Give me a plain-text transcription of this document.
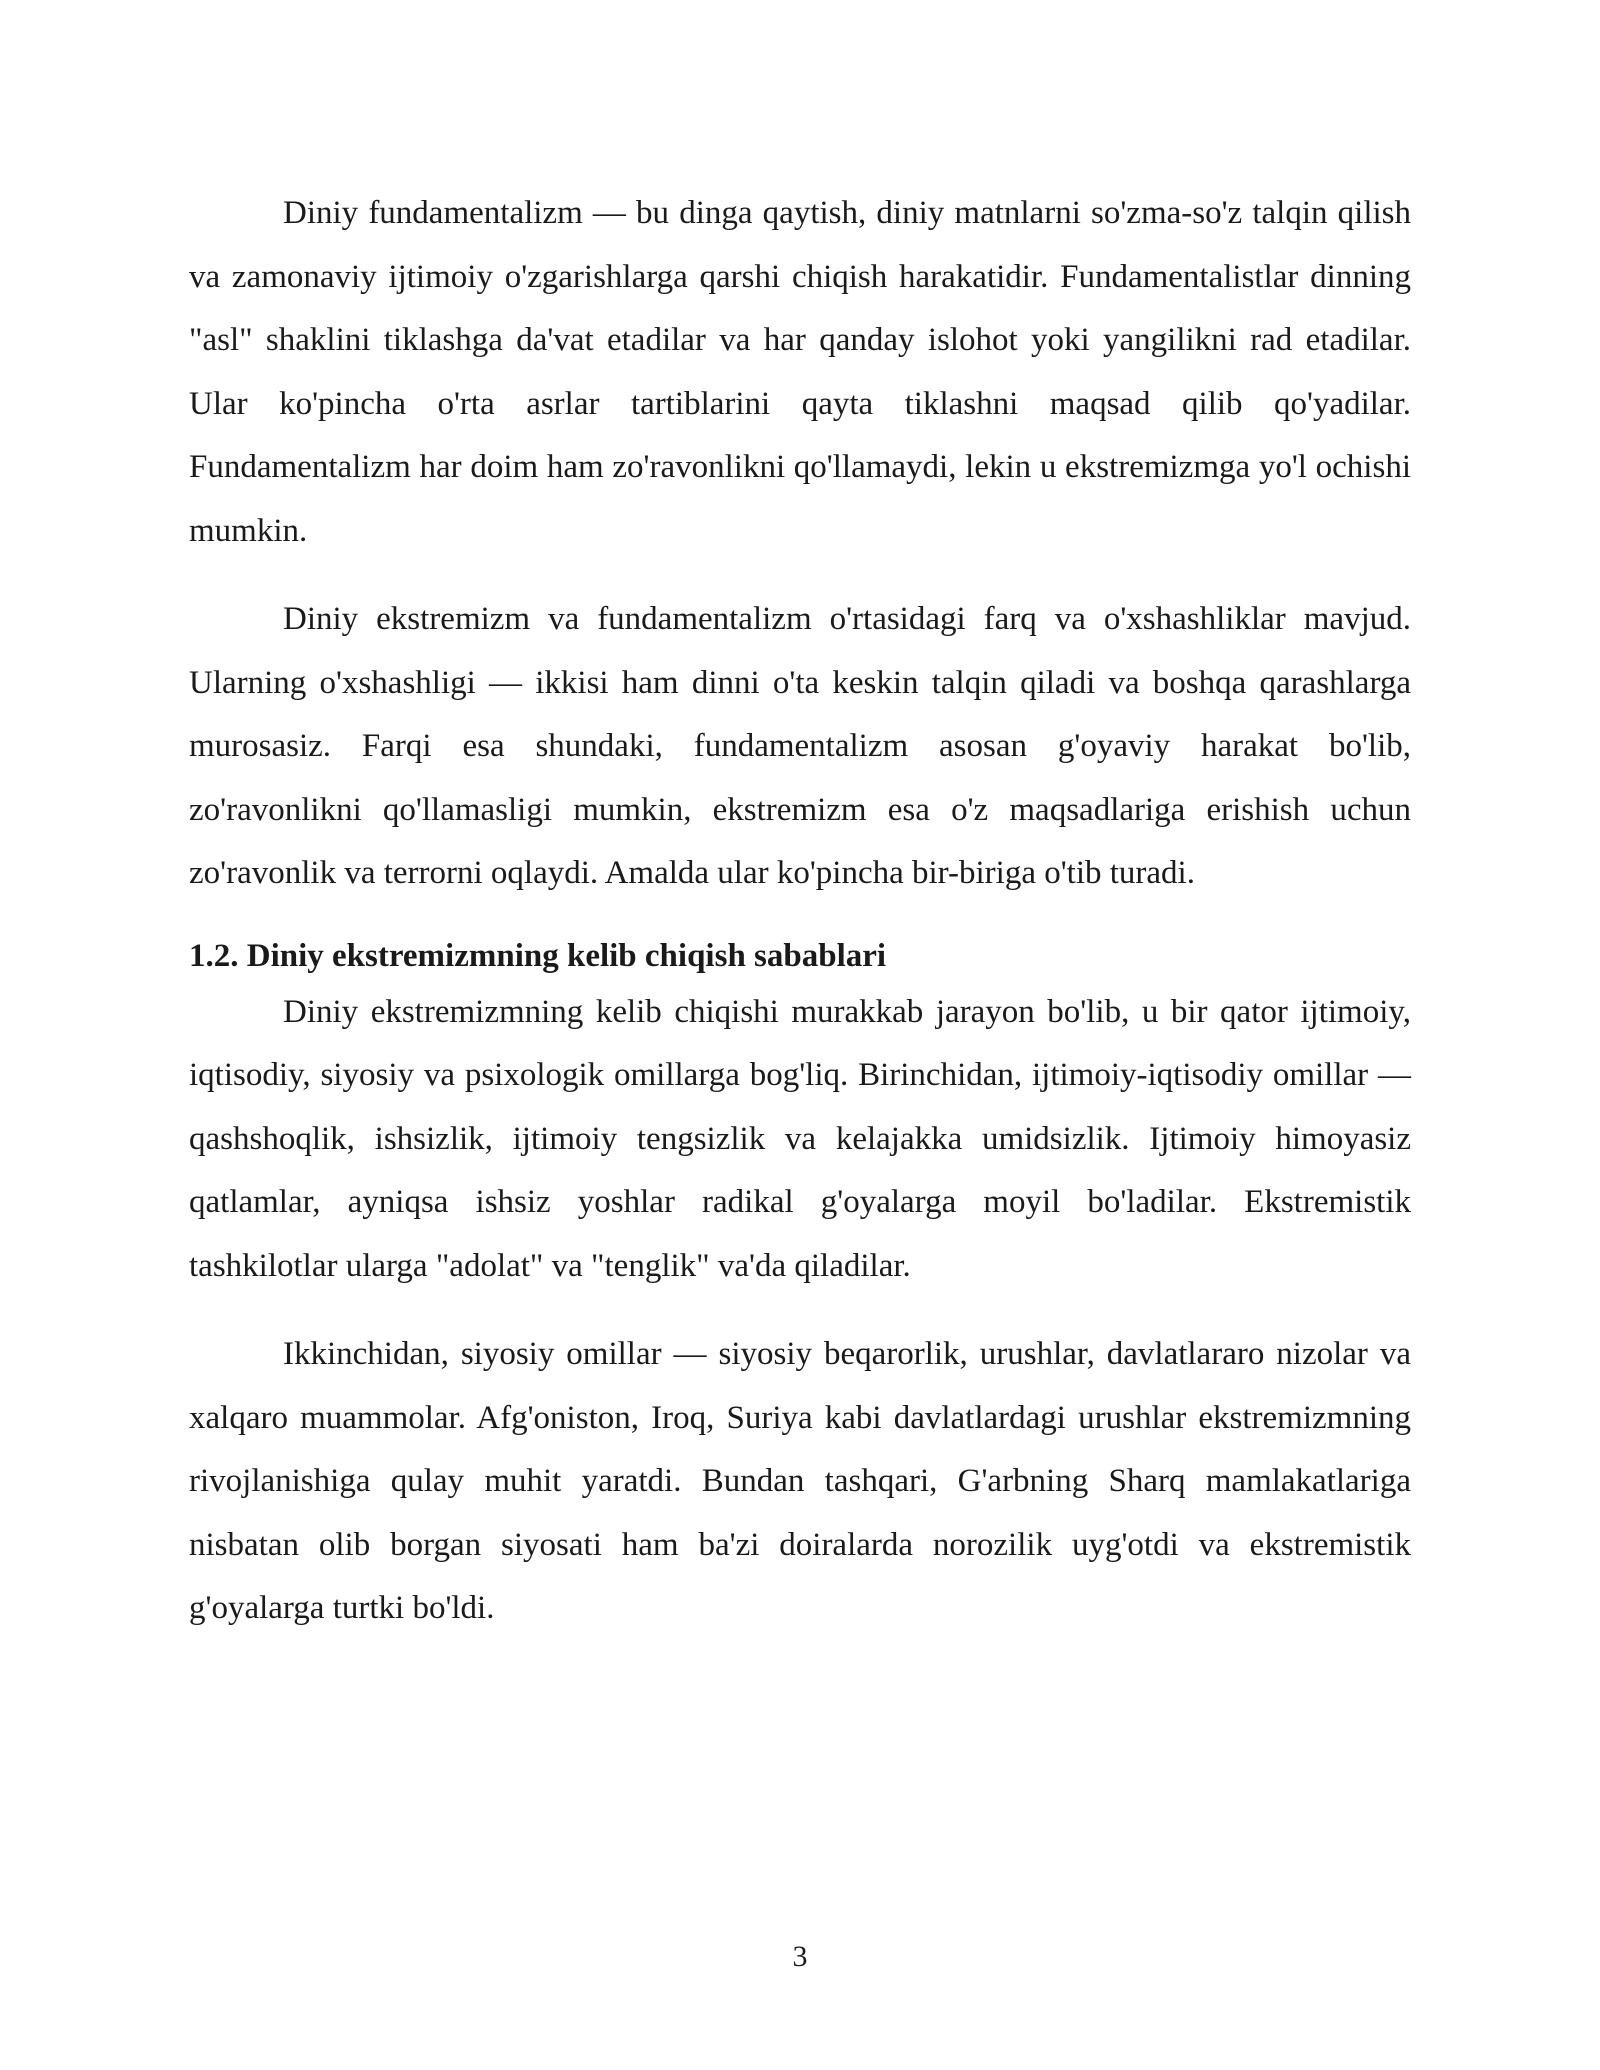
Diniy fundamentalizm — bu dinga qaytish, diniy matnlarni so'zma-so'z talqin qilish va zamonaviy ijtimoiy o'zgarishlarga qarshi chiqish harakatidir. Fundamentalistlar dinning "asl" shaklini tiklashga da'vat etadilar va har qanday islohot yoki yangilikni rad etadilar. Ular ko'pincha o'rta asrlar tartiblarini qayta tiklashni maqsad qilib qo'yadilar. Fundamentalizm har doim ham zo'ravonlikni qo'llamaydi, lekin u ekstremizmga yo'l ochishi mumkin.

Diniy ekstremizm va fundamentalizm o'rtasidagi farq va o'xshashliklar mavjud. Ularning o'xshashligi — ikkisi ham dinni o'ta keskin talqin qiladi va boshqa qarashlarga murosasiz. Farqi esa shundaki, fundamentalizm asosan g'oyaviy harakat bo'lib, zo'ravonlikni qo'llamasligi mumkin, ekstremizm esa o'z maqsadlariga erishish uchun zo'ravonlik va terrorni oqlaydi. Amalda ular ko'pincha bir-biriga o'tib turadi.

1.2. Diniy ekstremizmning kelib chiqish sabablari

Diniy ekstremizmning kelib chiqishi murakkab jarayon bo'lib, u bir qator ijtimoiy, iqtisodiy, siyosiy va psixologik omillarga bog'liq. Birinchidan, ijtimoiy-iqtisodiy omillar — qashshoqlik, ishsizlik, ijtimoiy tengsizlik va kelajakka umidsizlik. Ijtimoiy himoyasiz qatlamlar, ayniqsa ishsiz yoshlar radikal g'oyalarga moyil bo'ladilar. Ekstremistik tashkilotlar ularga "adolat" va "tenglik" va'da qiladilar.

Ikkinchidan, siyosiy omillar — siyosiy beqarorlik, urushlar, davlatlararo nizolar va xalqaro muammolar. Afg'oniston, Iroq, Suriya kabi davlatlardagi urushlar ekstremizmning rivojlanishiga qulay muhit yaratdi. Bundan tashqari, G'arbning Sharq mamlakatlariga nisbatan olib borgan siyosati ham ba'zi doiralarda norozilik uyg'otdi va ekstremistik g'oyalarga turtki bo'ldi.

3
